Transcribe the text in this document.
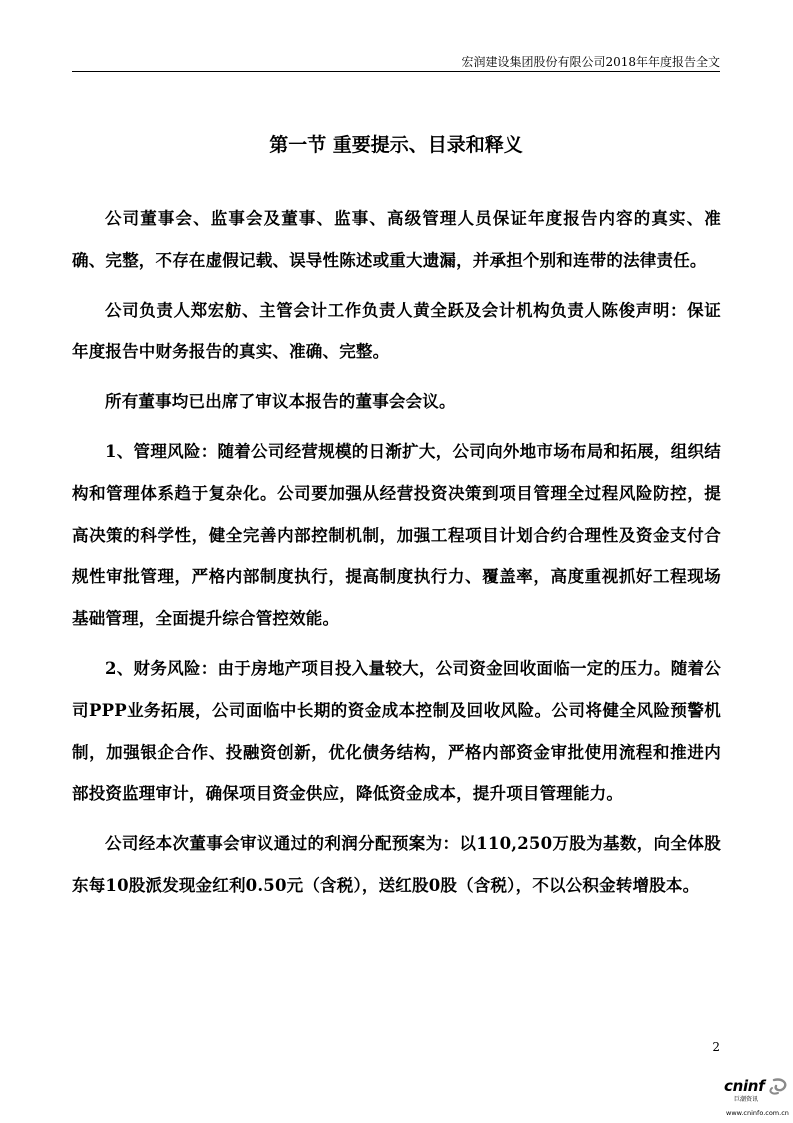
宏润建设集团股份有限公司2018年年度报告全文
第一节 重要提示、目录和释义

公司董事会、监事会及董事、监事、高级管理人员保证年度报告内容的真实、准确、完整，不存在虚假记载、误导性陈述或重大遗漏，并承担个别和连带的法律责任。

公司负责人郑宏舫、主管会计工作负责人黄全跃及会计机构负责人陈俊声明：保证年度报告中财务报告的真实、准确、完整。

所有董事均已出席了审议本报告的董事会会议。

1、管理风险：随着公司经营规模的日渐扩大，公司向外地市场布局和拓展，组织结构和管理体系趋于复杂化。公司要加强从经营投资决策到项目管理全过程风险防控，提高决策的科学性，健全完善内部控制机制，加强工程项目计划合约合理性及资金支付合规性审批管理，严格内部制度执行，提高制度执行力、覆盖率，高度重视抓好工程现场基础管理，全面提升综合管控效能。

2、财务风险：由于房地产项目投入量较大，公司资金回收面临一定的压力。随着公司PPP业务拓展，公司面临中长期的资金成本控制及回收风险。公司将健全风险预警机制，加强银企合作、投融资创新，优化债务结构，严格内部资金审批使用流程和推进内部投资监理审计，确保项目资金供应，降低资金成本，提升项目管理能力。

公司经本次董事会审议通过的利润分配预案为：以110,250万股为基数，向全体股东每10股派发现金红利0.50元（含税），送红股0股（含税），不以公积金转增股本。

2
cninf
巨潮资讯
www.cninfo.com.cn
